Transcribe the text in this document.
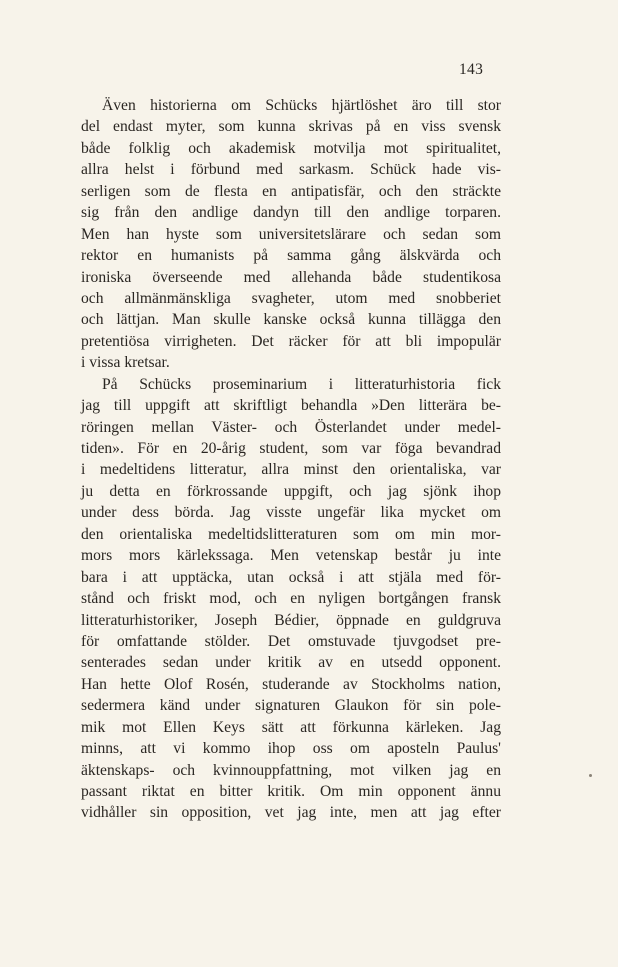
143
Även historierna om Schücks hjärtlöshet äro till stor
del endast myter, som kunna skrivas på en viss svensk
både folklig och akademisk motvilja mot spiritualitet,
allra helst i förbund med sarkasm. Schück hade vis-
serligen som de flesta en antipatisfär, och den sträckte
sig från den andlige dandyn till den andlige torparen.
Men han hyste som universitetslärare och sedan som
rektor en humanists på samma gång älskvärda och
ironiska överseende med allehanda både studentikosa
och allmänmänskliga svagheter, utom med snobberiet
och lättjan. Man skulle kanske också kunna tillägga den
pretentiösa virrigheten. Det räcker för att bli impopulär
i vissa kretsar.
På Schücks proseminarium i litteraturhistoria fick
jag till uppgift att skriftligt behandla »Den litterära be-
röringen mellan Väster- och Österlandet under medel-
tiden». För en 20-årig student, som var föga bevandrad
i medeltidens litteratur, allra minst den orientaliska, var
ju detta en förkrossande uppgift, och jag sjönk ihop
under dess börda. Jag visste ungefär lika mycket om
den orientaliska medeltidslitteraturen som om min mor-
mors mors kärlekssaga. Men vetenskap består ju inte
bara i att upptäcka, utan också i att stjäla med för-
stånd och friskt mod, och en nyligen bortgången fransk
litteraturhistoriker, Joseph Bédier, öppnade en guldgruva
för omfattande stölder. Det omstuvade tjuvgodset pre-
senterades sedan under kritik av en utsedd opponent.
Han hette Olof Rosén, studerande av Stockholms nation,
sedermera känd under signaturen Glaukon för sin pole-
mik mot Ellen Keys sätt att förkunna kärleken. Jag
minns, att vi kommo ihop oss om aposteln Paulus'
äktenskaps- och kvinnouppfattning, mot vilken jag en
passant riktat en bitter kritik. Om min opponent ännu
vidhåller sin opposition, vet jag inte, men att jag efter
